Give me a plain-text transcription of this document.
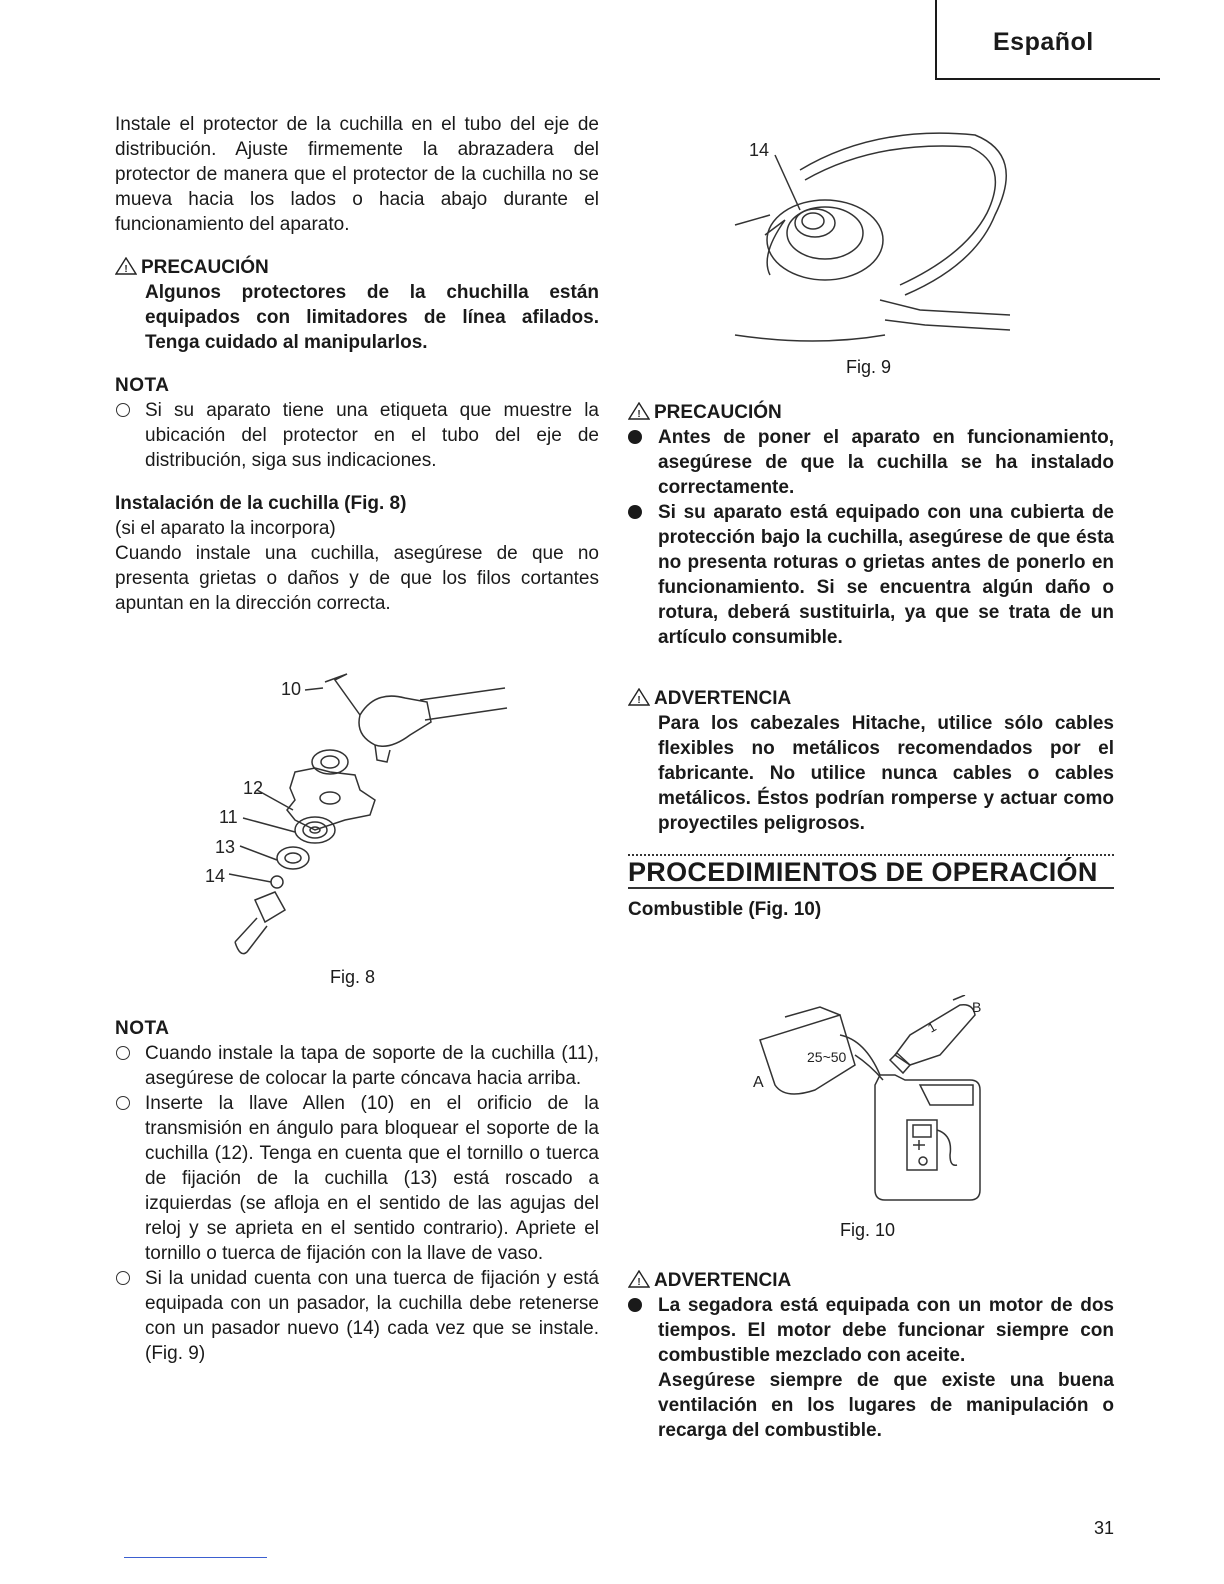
Español

Instale el protector de la cuchilla en el tubo del eje de distribución. Ajuste firmemente la abrazadera del protector de manera que el protector de la cuchilla no se mueva hacia los lados o hacia abajo durante el funcionamiento del aparato.

! PRECAUCIÓN

Algunos protectores de la chuchilla están equipados con limitadores de línea afilados. Tenga cuidado al manipularlos.

NOTA
Si su aparato tiene una etiqueta que muestre la ubicación del protector en el tubo del eje de distribución, siga sus indicaciones.
Instalación de la cuchilla (Fig. 8)

(si el aparato la incorpora)

Cuando instale una cuchilla, asegúrese de que no presenta grietas o daños y de que los filos cortantes apuntan en la dirección correcta.

10
12
11
13
14
Fig. 8
NOTA
Cuando instale la tapa de soporte de la cuchilla (11), asegúrese de colocar la parte cóncava hacia arriba.
Inserte la llave Allen (10) en el orificio de la transmisión en ángulo para bloquear el soporte de la cuchilla (12). Tenga en cuenta que el tornillo o tuerca de fijación de la cuchilla (13) está roscado a izquierdas (se afloja en el sentido de las agujas del reloj y se aprieta en el sentido contrario). Apriete el tornillo o tuerca de fijación con la llave de vaso.
Si la unidad cuenta con una tuerca de fijación y está equipada con un pasador, la cuchilla debe retenerse con un pasador nuevo (14) cada vez que se instale. (Fig. 9)
14
Fig. 9
! PRECAUCIÓN
Antes de poner el aparato en funcionamiento, asegúrese de que la cuchilla se ha instalado correctamente.
Si su aparato está equipado con una cubierta de protección bajo la cuchilla, asegúrese de que ésta no presenta roturas o grietas antes de ponerlo en funcionamiento. Si se encuentra algún daño o rotura, deberá sustituirla, ya que se trata de un artículo consumible.
! ADVERTENCIA

Para los cabezales Hitache, utilice sólo cables flexibles no metálicos recomendados por el fabricante. No utilice nunca cables o cables metálicos. Éstos podrían romperse y actuar como proyectiles peligrosos.

PROCEDIMIENTOS DE OPERACIÓN
Combustible (Fig. 10)
25~50
1
A
B
Fig. 10
! ADVERTENCIA
La segadora está equipada con un motor de dos tiempos. El motor debe funcionar siempre con combustible mezclado con aceite.

Asegúrese siempre de que existe una buena ventilación en los lugares de manipulación o recarga del combustible.

31
